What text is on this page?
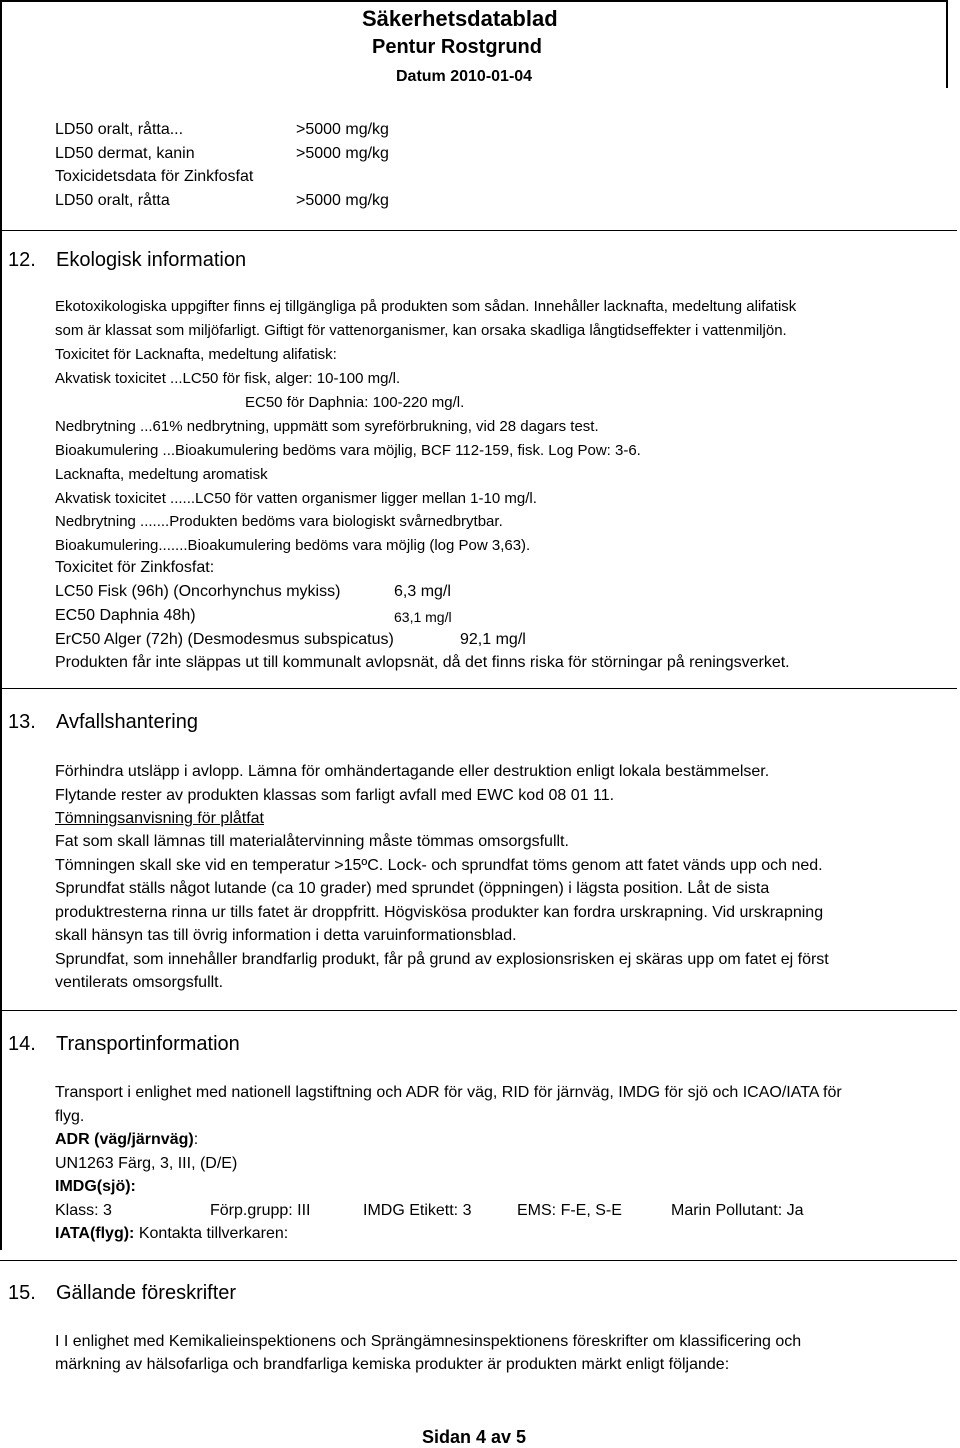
Säkerhetsdatablad
Pentur Rostgrund
Datum 2010-01-04
LD50 oralt, råtta...	>5000 mg/kg
LD50 dermat, kanin	>5000 mg/kg
Toxicidetsdata för Zinkfosfat
LD50 oralt, råtta	>5000 mg/kg
12. Ekologisk information
Ekotoxikologiska uppgifter finns ej tillgängliga på produkten som sådan. Innehåller lacknafta, medeltung alifatisk
som är klassat som miljöfarligt. Giftigt för vattenorganismer, kan orsaka skadliga långtidseffekter i vattenmiljön.
Toxicitet för Lacknafta, medeltung alifatisk:
Akvatisk toxicitet ...LC50 för fisk, alger: 10-100 mg/l.
EC50 för Daphnia: 100-220 mg/l.
Nedbrytning ...61% nedbrytning, uppmätt som syreförbrukning, vid 28 dagars test.
Bioakumulering ...Bioakumulering bedöms vara möjlig, BCF 112-159, fisk. Log Pow: 3-6.
Lacknafta, medeltung aromatisk
Akvatisk toxicitet ......LC50 för vatten organismer ligger mellan 1-10 mg/l.
Nedbrytning .......Produkten bedöms vara biologiskt svårnedbrytbar.
Bioakumulering.......Bioakumulering bedöms vara möjlig (log Pow 3,63).
Toxicitet för Zinkfosfat:
LC50 Fisk (96h) (Oncorhynchus mykiss)	6,3 mg/l
EC50 Daphnia 48h)	63,1 mg/l
ErC50 Alger (72h) (Desmodesmus subspicatus)	92,1 mg/l
Produkten får inte släppas ut till kommunalt avlopsnät, då det finns riska för störningar på reningsverket.
13. Avfallshantering
Förhindra utsläpp i avlopp. Lämna för omhändertagande eller destruktion enligt lokala bestämmelser.
Flytande rester av produkten klassas som farligt avfall med EWC kod 08 01 11.
Tömningsanvisning för plåtfat
Fat som skall lämnas till materialåtervinning måste tömmas omsorgsfullt.
Tömningen skall ske vid en temperatur >15ºC. Lock- och sprundfat töms genom att fatet vänds upp och ned.
Sprundfat ställs något lutande (ca 10 grader) med sprundet (öppningen) i lägsta position. Låt de sista
produktresterna rinna ur tills fatet är droppfritt. Högviskösa produkter kan fordra urskrapning. Vid urskrapning
skall hänsyn tas till övrig information i detta varuinformationsblad.
Sprundfat, som innehåller brandfarlig produkt, får på grund av explosionsrisken ej skäras upp om fatet ej först
ventilerats omsorgsfullt.
14. Transportinformation
Transport i enlighet med nationell lagstiftning och ADR för väg, RID för järnväg, IMDG för sjö och ICAO/IATA för
flyg.
ADR (väg/järnväg):
UN1263 Färg, 3, III, (D/E)
IMDG(sjö):
Klass: 3	Förp.grupp: III	IMDG Etikett: 3	EMS: F-E, S-E	Marin Pollutant: Ja
IATA(flyg): Kontakta tillverkaren:
15. Gällande föreskrifter
I I enlighet med Kemikalieinspektionens och Sprängämnesinspektionens föreskrifter om klassificering och
märkning av hälsofarliga och brandfarliga kemiska produkter är produkten märkt enligt följande:
Sidan 4 av 5
